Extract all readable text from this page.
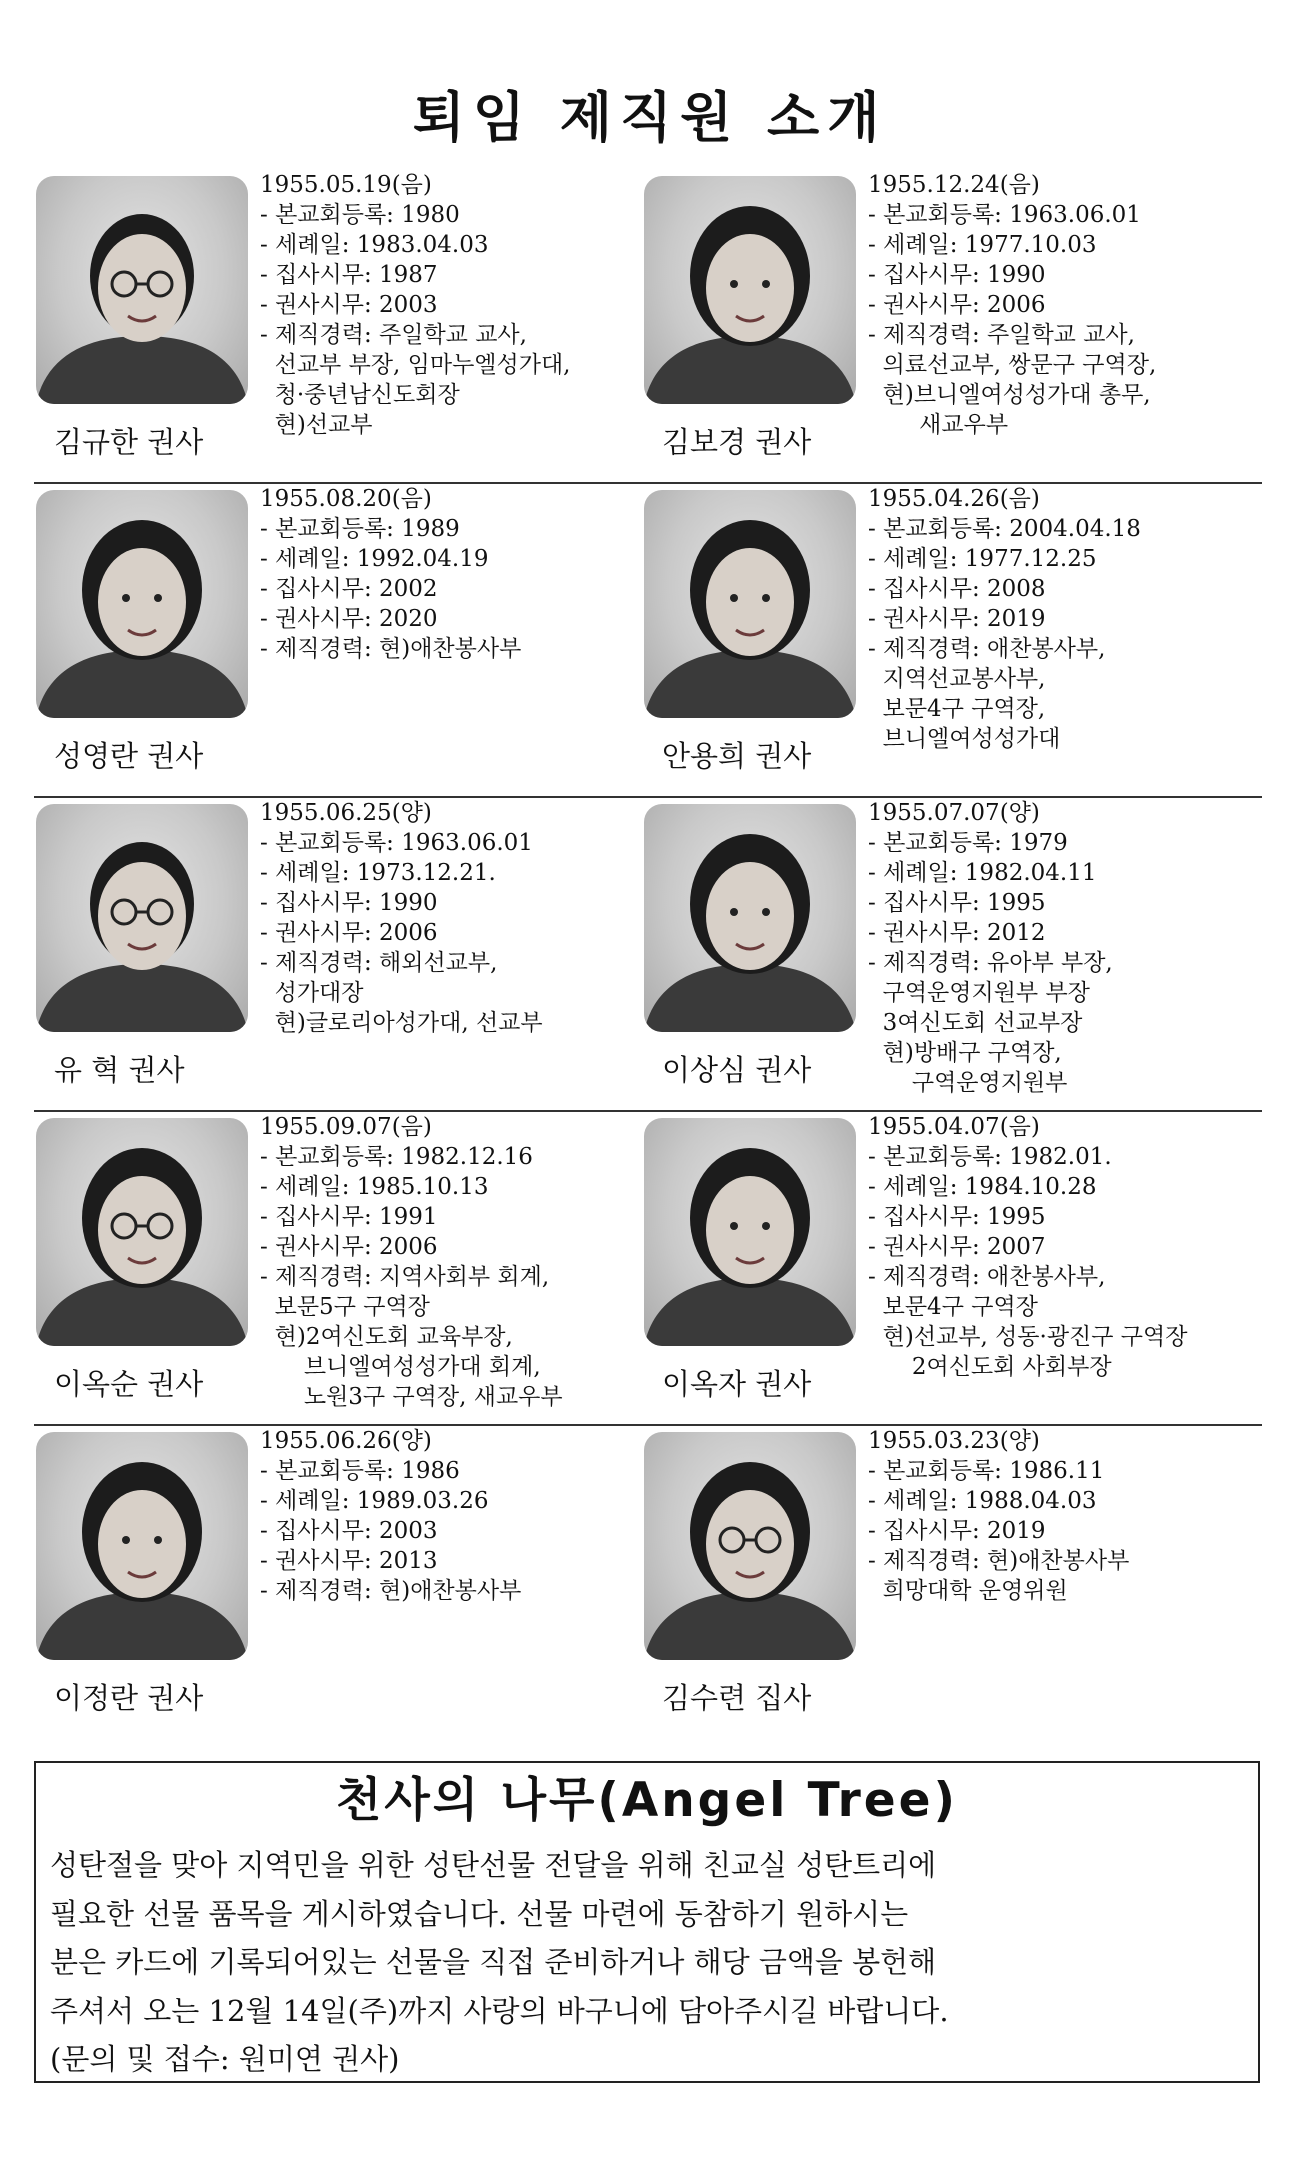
퇴임 제직원 소개
김규한 권사
1955.05.19(음)
- 본교회등록: 1980
- 세례일: 1983.04.03
- 집사시무: 1987
- 권사시무: 2003
- 제직경력: 주일학교 교사,
선교부 부장, 임마누엘성가대,
청·중년남신도회장
현)선교부	김보경 권사
1955.12.24(음)
- 본교회등록: 1963.06.01
- 세례일: 1977.10.03
- 집사시무: 1990
- 권사시무: 2006
- 제직경력: 주일학교 교사,
의료선교부, 쌍문구 구역장,
현)브니엘여성성가대 총무,
새교우부
성영란 권사
1955.08.20(음)
- 본교회등록: 1989
- 세례일: 1992.04.19
- 집사시무: 2002
- 권사시무: 2020
- 제직경력: 현)애찬봉사부
안용희 권사
1955.04.26(음)
- 본교회등록: 2004.04.18
- 세례일: 1977.12.25
- 집사시무: 2008
- 권사시무: 2019
- 제직경력: 애찬봉사부,
지역선교봉사부,
보문4구 구역장,
브니엘여성성가대
유 혁 권사
1955.06.25(양)
- 본교회등록: 1963.06.01
- 세례일: 1973.12.21.
- 집사시무: 1990
- 권사시무: 2006
- 제직경력: 해외선교부,
성가대장
현)글로리아성가대, 선교부
이상심 권사
1955.07.07(양)
- 본교회등록: 1979
- 세례일: 1982.04.11
- 집사시무: 1995
- 권사시무: 2012
- 제직경력: 유아부 부장,
구역운영지원부 부장
3여신도회 선교부장
현)방배구 구역장,
구역운영지원부
이옥순 권사
1955.09.07(음)
- 본교회등록: 1982.12.16
- 세례일: 1985.10.13
- 집사시무: 1991
- 권사시무: 2006
- 제직경력: 지역사회부 회계,
보문5구 구역장
현)2여신도회 교육부장,
브니엘여성성가대 회계,
노원3구 구역장, 새교우부	이옥자 권사
1955.04.07(음)
- 본교회등록: 1982.01.
- 세례일: 1984.10.28
- 집사시무: 1995
- 권사시무: 2007
- 제직경력: 애찬봉사부,
보문4구 구역장
현)선교부, 성동·광진구 구역장
2여신도회 사회부장
이정란 권사
1955.06.26(양)
- 본교회등록: 1986
- 세례일: 1989.03.26
- 집사시무: 2003
- 권사시무: 2013
- 제직경력: 현)애찬봉사부
김수련 집사
1955.03.23(양)
- 본교회등록: 1986.11
- 세례일: 1988.04.03
- 집사시무: 2019
- 제직경력: 현)애찬봉사부
희망대학 운영위원
천사의 나무(Angel Tree)
성탄절을 맞아 지역민을 위한 성탄선물 전달을 위해 친교실 성탄트리에
필요한 선물 품목을 게시하였습니다. 선물 마련에 동참하기 원하시는
분은 카드에 기록되어있는 선물을 직접 준비하거나 해당 금액을 봉헌해
주셔서 오는 12월 14일(주)까지 사랑의 바구니에 담아주시길 바랍니다.
(문의 및 접수: 원미연 권사)
